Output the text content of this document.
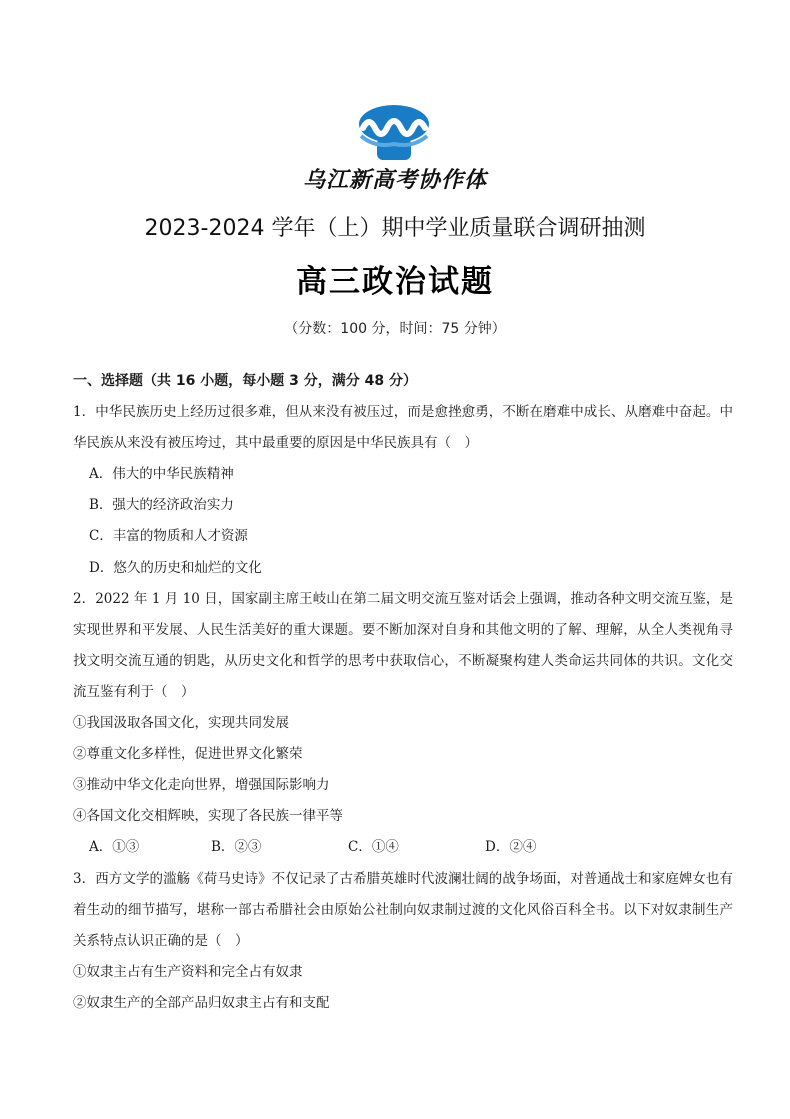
乌江新高考协作体
2023-2024 学年（上）期中学业质量联合调研抽测
高三政治试题
（分数：100 分，时间：75 分钟）
一、选择题（共 16 小题，每小题 3 分，满分 48 分）
1．中华民族历史上经历过很多难，但从来没有被压过，而是愈挫愈勇，不断在磨难中成长、从磨难中奋起。中华民族从来没有被压垮过，其中最重要的原因是中华民族具有（　）
A．伟大的中华民族精神
B．强大的经济政治实力
C．丰富的物质和人才资源
D．悠久的历史和灿烂的文化
2．2022 年 1 月 10 日，国家副主席王岐山在第二届文明交流互鉴对话会上强调，推动各种文明交流互鉴，是实现世界和平发展、人民生活美好的重大课题。要不断加深对自身和其他文明的了解、理解，从全人类视角寻找文明交流互通的钥匙，从历史文化和哲学的思考中获取信心，不断凝聚构建人类命运共同体的共识。文化交流互鉴有利于（　）
①我国汲取各国文化，实现共同发展
②尊重文化多样性，促进世界文化繁荣
③推动中华文化走向世界，增强国际影响力
④各国文化交相辉映，实现了各民族一律平等
A．①③	B．②③	C．①④	D．②④
3．西方文学的滥觞《荷马史诗》不仅记录了古希腊英雄时代波澜壮阔的战争场面，对普通战士和家庭婢女也有着生动的细节描写，堪称一部古希腊社会由原始公社制向奴隶制过渡的文化风俗百科全书。以下对奴隶制生产关系特点认识正确的是（　）
①奴隶主占有生产资料和完全占有奴隶
②奴隶生产的全部产品归奴隶主占有和支配
